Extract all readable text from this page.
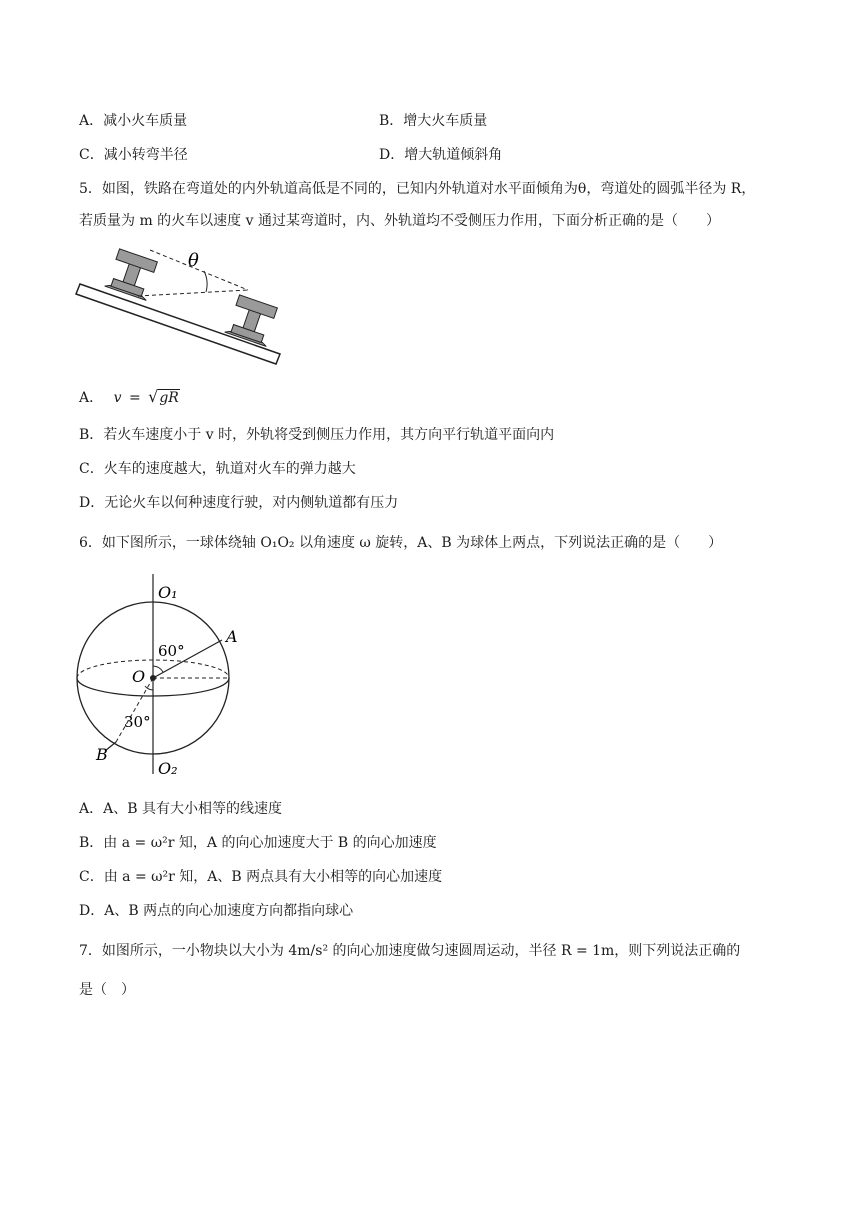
A．减小火车质量	B．增大火车质量
C．减小转弯半径	D．增大轨道倾斜角
5．如图，铁路在弯道处的内外轨道高低是不同的，已知内外轨道对水平面倾角为θ，弯道处的圆弧半径为 R，
若质量为 m 的火车以速度 v 通过某弯道时，内、外轨道均不受侧压力作用，下面分析正确的是（　　）
θ
A． v = √gR
B．若火车速度小于 v 时，外轨将受到侧压力作用，其方向平行轨道平面向内
C．火车的速度越大，轨道对火车的弹力越大
D．无论火车以何种速度行驶，对内侧轨道都有压力
6．如下图所示，一球体绕轴 O₁O₂ 以角速度 ω 旋转，A、B 为球体上两点，下列说法正确的是（　　）
O₁
O₂
O
A
B
60°
30°
A．A、B 具有大小相等的线速度
B．由 a = ω²r 知，A 的向心加速度大于 B 的向心加速度
C．由 a = ω²r 知，A、B 两点具有大小相等的向心加速度
D．A、B 两点的向心加速度方向都指向球心
7．如图所示，一小物块以大小为 4m/s² 的向心加速度做匀速圆周运动，半径 R = 1m，则下列说法正确的
是（　）
